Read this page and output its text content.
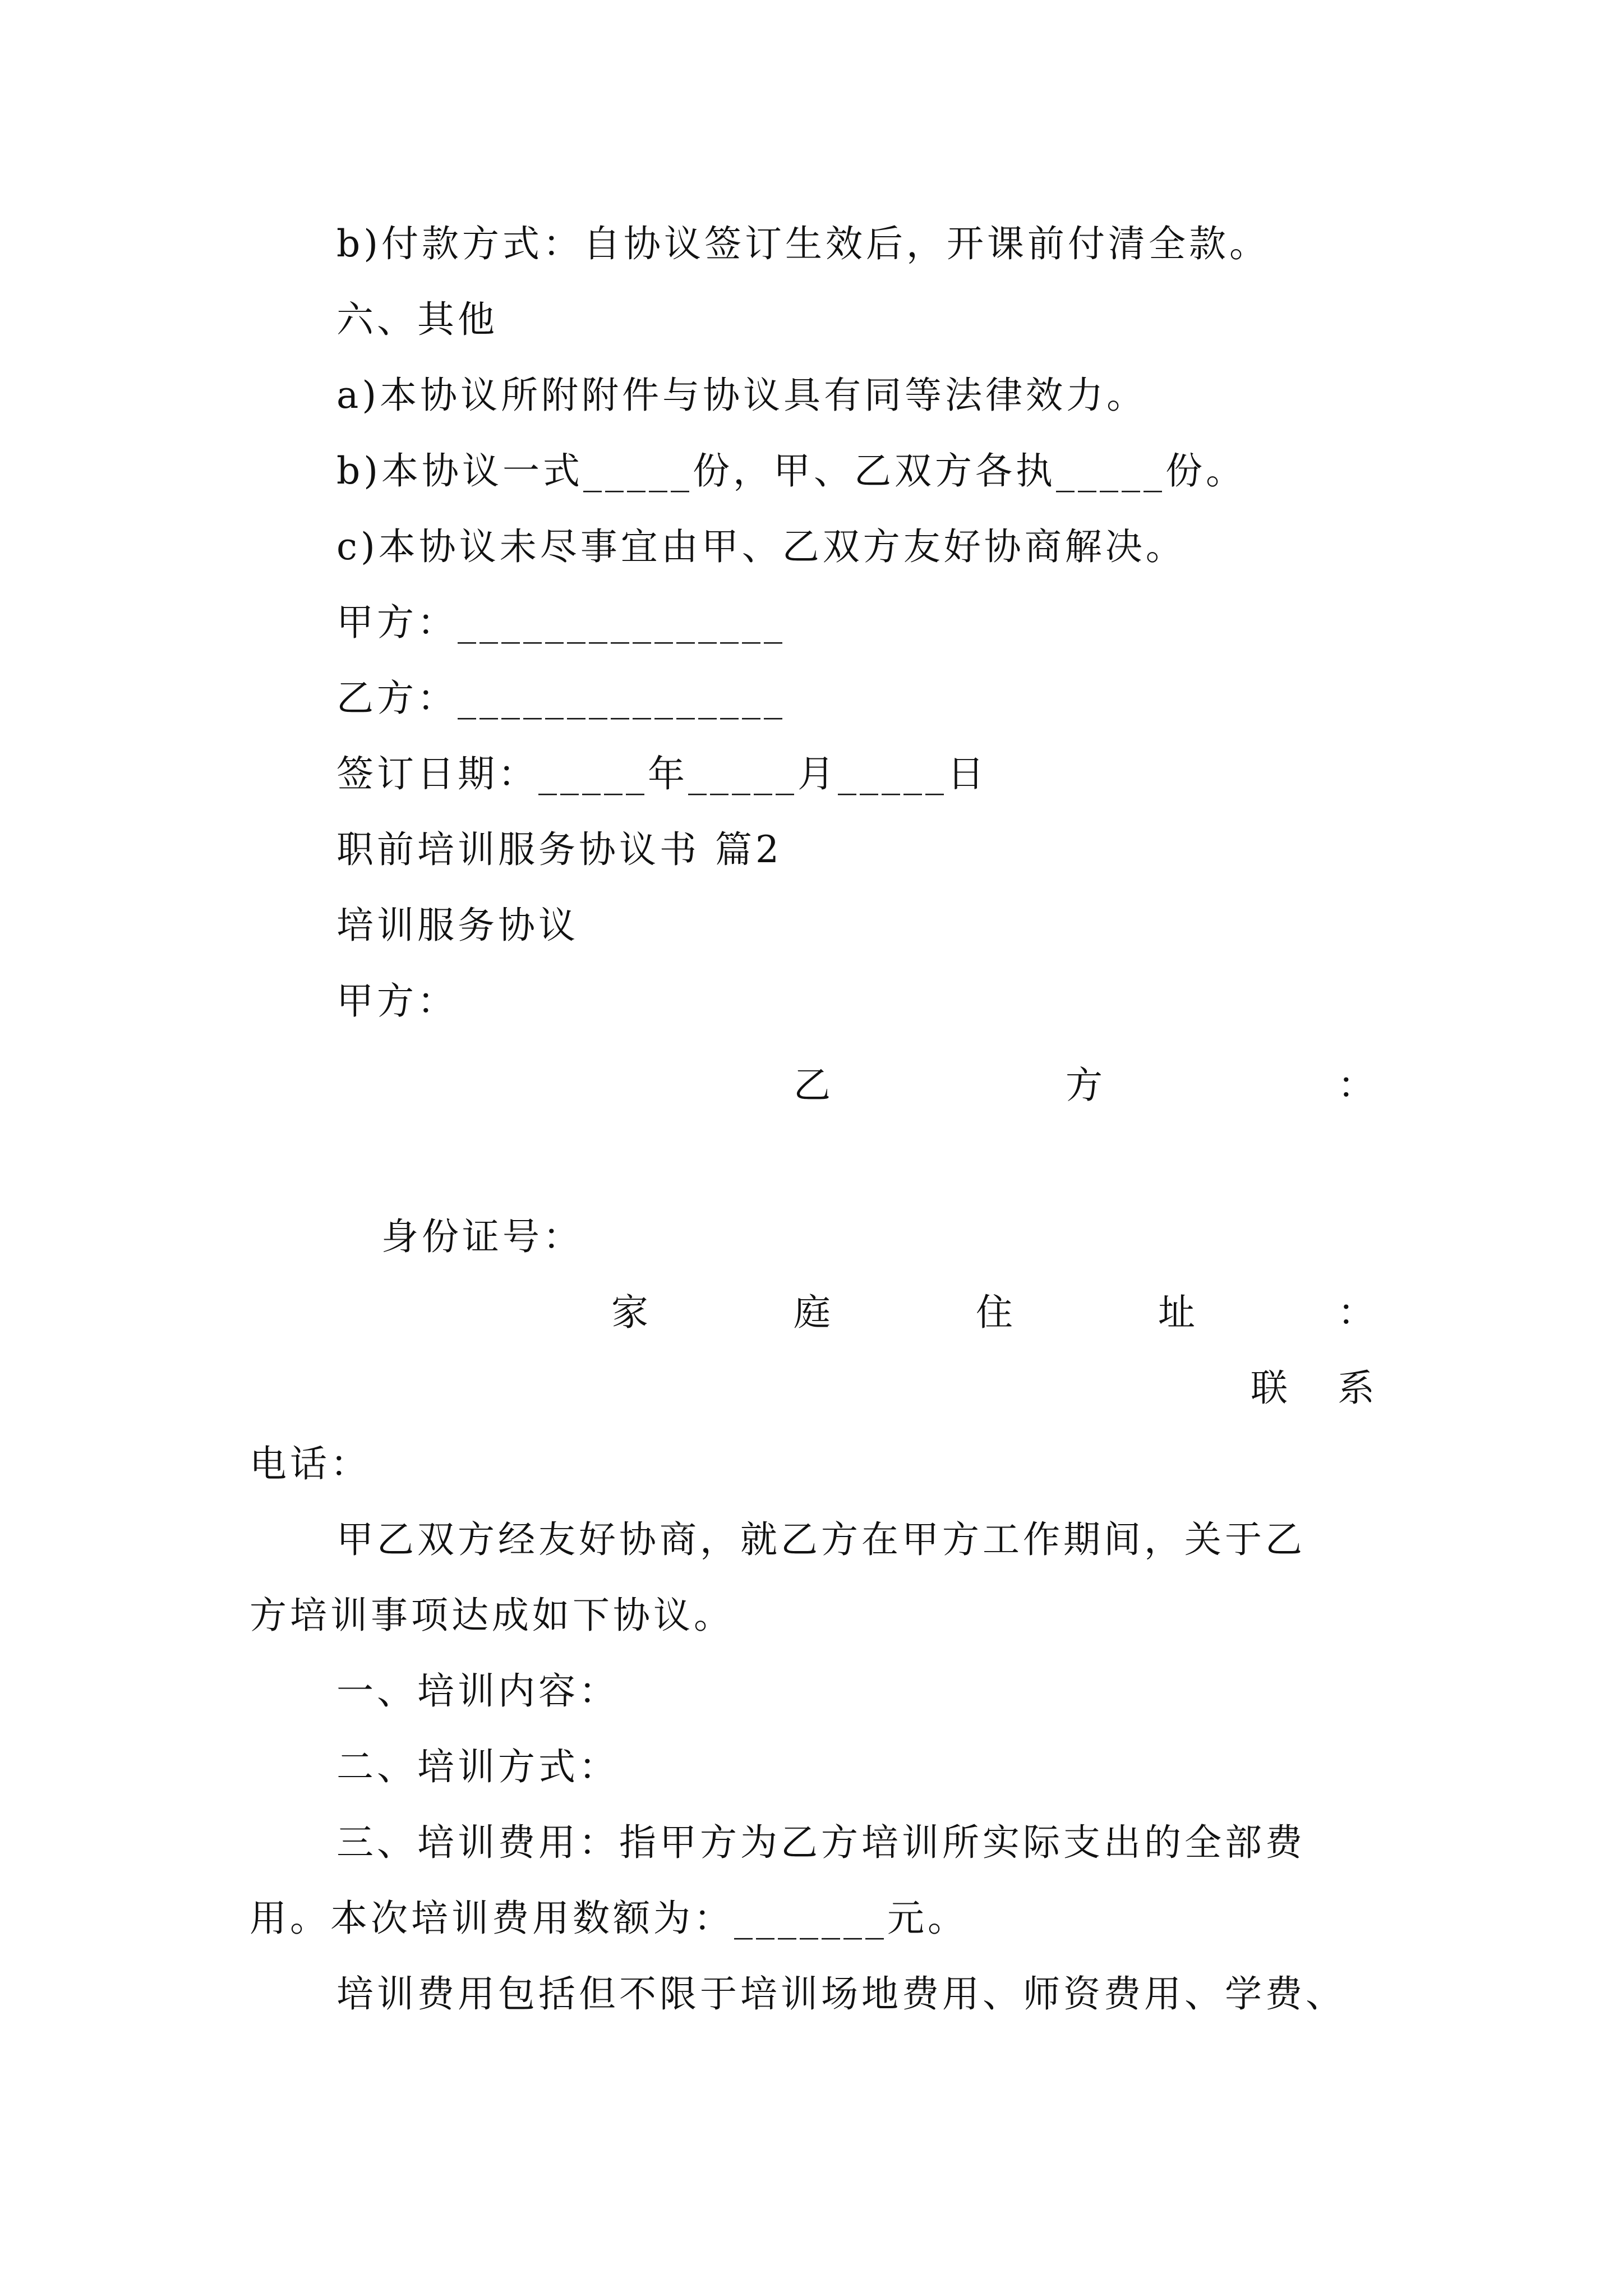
b)付款方式：自协议签订生效后，开课前付清全款。
六、其他
a)本协议所附附件与协议具有同等法律效力。
b)本协议一式_____份，甲、乙双方各执_____份。
c)本协议未尽事宜由甲、乙双方友好协商解决。
甲方：_______________
乙方：_______________
签订日期：_____年_____月_____日
职前培训服务协议书 篇2
培训服务协议
甲方：
乙	方	：
身份证号：
家	庭	住	址	：
联 系
电话：
甲乙双方经友好协商，就乙方在甲方工作期间，关于乙
方培训事项达成如下协议。
一、培训内容：
二、培训方式：
三、培训费用：指甲方为乙方培训所实际支出的全部费
用。本次培训费用数额为：_______元。
培训费用包括但不限于培训场地费用、师资费用、学费、
